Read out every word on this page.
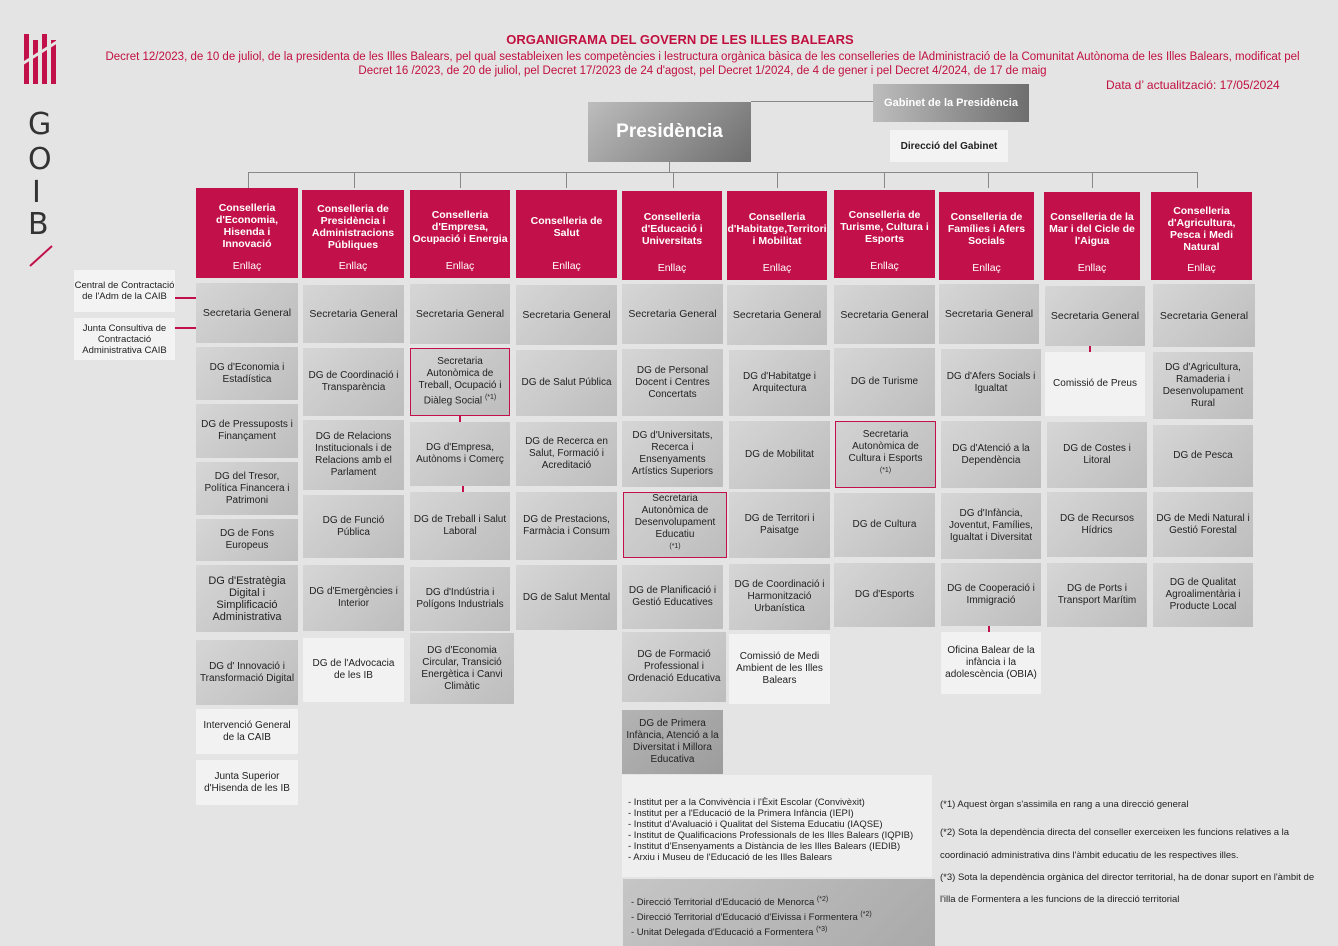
G
O
I
B
ORGANIGRAMA DEL GOVERN DE LES ILLES BALEARS
Decret 12/2023, de 10 de juliol, de la presidenta de les Illes Balears, pel qual sestableixen les competències i lestructura orgànica bàsica de les conselleries de lAdministració de la Comunitat Autònoma de les Illes Balears, modificat pel Decret 16 /2023, de 20 de juliol, pel Decret 17/2023 de 24 d'agost, pel Decret 1/2024, de 4 de gener i pel Decret 4/2024, de 17 de maig
Data d’ actualització: 17/05/2024
Presidència
Gabinet de la Presidència
Direcció del Gabinet
Central de Contractació de l'Adm de la CAIB
Junta Consultiva de Contractació Administrativa CAIB
Conselleria d'Economia, Hisenda i Innovació
Enllaç
Conselleria de Presidència i Administracions Públiques
Enllaç
Conselleria d'Empresa, Ocupació i Energia
Enllaç
Conselleria de Salut
Enllaç
Conselleria d'Educació i Universitats
Enllaç
Conselleria d'Habitatge,Territori i Mobilitat
Enllaç
Conselleria de Turisme, Cultura i Esports
Enllaç
Conselleria de Famílies i Afers Socials
Enllaç
Conselleria de la Mar i del Cicle de l'Aigua
Enllaç
Conselleria d'Agricultura, Pesca i Medi Natural
Enllaç
Secretaria General
DG d'Economia i Estadística
DG de Pressuposts i Finançament
DG del Tresor, Política Financera i Patrimoni
DG de Fons Europeus
DG d'Estratègia Digital i Simplificació Administrativa
DG d' Innovació i Transformació Digital
Intervenció General de la CAIB
Junta Superior d'Hisenda de les IB
Secretaria General
DG de Coordinació i Transparència
DG de Relacions Institucionals i de Relacions amb el Parlament
DG de Funció Pública
DG d'Emergències i Interior
DG de l'Advocacia de les IB
Secretaria General
Secretaria Autonòmica de Treball, Ocupació i Diàleg Social $^{(*1)}$
DG d'Empresa, Autònoms i Comerç
DG de Treball i Salut Laboral
DG d'Indústria i Polígons Industrials
DG d'Economia Circular, Transició Energètica i Canvi Climàtic
Secretaria General
DG de Salut Pública
DG de Recerca en Salut, Formació i Acreditació
DG de Prestacions, Farmàcia i Consum
DG de Salut Mental
Secretaria General
DG de Personal Docent i Centres Concertats
DG d'Universitats, Recerca i Ensenyaments Artístics Superiors
Secretaria Autonòmica de Desenvolupament Educatiu
$^{(*1)}$
DG de Planificació i Gestió Educatives
DG de Formació Professional i Ordenació Educativa
DG de Primera Infància, Atenció a la Diversitat i Millora Educativa
Secretaria General
DG d'Habitatge i Arquitectura
DG de Mobilitat
DG de Territori i Paisatge
DG de Coordinació i Harmonització Urbanística
Comissió de Medi Ambient de les Illes Balears
Secretaria General
DG de Turisme
Secretaria Autonòmica de Cultura i Esports
$^{(*1)}$
DG de Cultura
DG d'Esports
Secretaria General
DG d'Afers Socials i Igualtat
DG d'Atenció a la Dependència
DG d'Infància, Joventut, Famílies, Igualtat i Diversitat
DG de Cooperació i Immigració
Oficina Balear de la infància i la adolescència (OBIA)
Secretaria General
Comissió de Preus
DG de Costes i Litoral
DG de Recursos Hídrics
DG de Ports i Transport Marítim
Secretaria General
DG d'Agricultura, Ramaderia i Desenvolupament Rural
DG de Pesca
DG de Medi Natural i Gestió Forestal
DG de Qualitat Agroalimentària i Producte Local
- Institut per a la Convivència i l'Èxit Escolar (Convivèxit)
- Institut per a l'Educació de la Primera Infància (IEPI)
- Institut d'Avaluació i Qualitat del Sistema Educatiu (IAQSE)
- Institut de Qualificacions Professionals de les Illes Balears (IQPIB)
- Institut d'Ensenyaments a Distància de les Illes Balears (IEDIB)
- Arxiu i Museu de l'Educació de les Illes Balears
- Direcció Territorial d'Educació de Menorca $^{(*2)}$
- Direcció Territorial d'Educació d'Eivissa i Formentera $^{(*2)}$
- Unitat Delegada d'Educació a Formentera $^{(*3)}$
(*1) Aquest òrgan s'assimila en rang a una direcció general
(*2) Sota la dependència directa del conseller exerceixen les funcions relatives a la coordinació administrativa dins l'àmbit educatiu de les respectives illes.
(*3) Sota la dependència orgànica del director territorial, ha de donar suport en l'àmbit de l'illa de Formentera a les funcions de la direcció territorial
